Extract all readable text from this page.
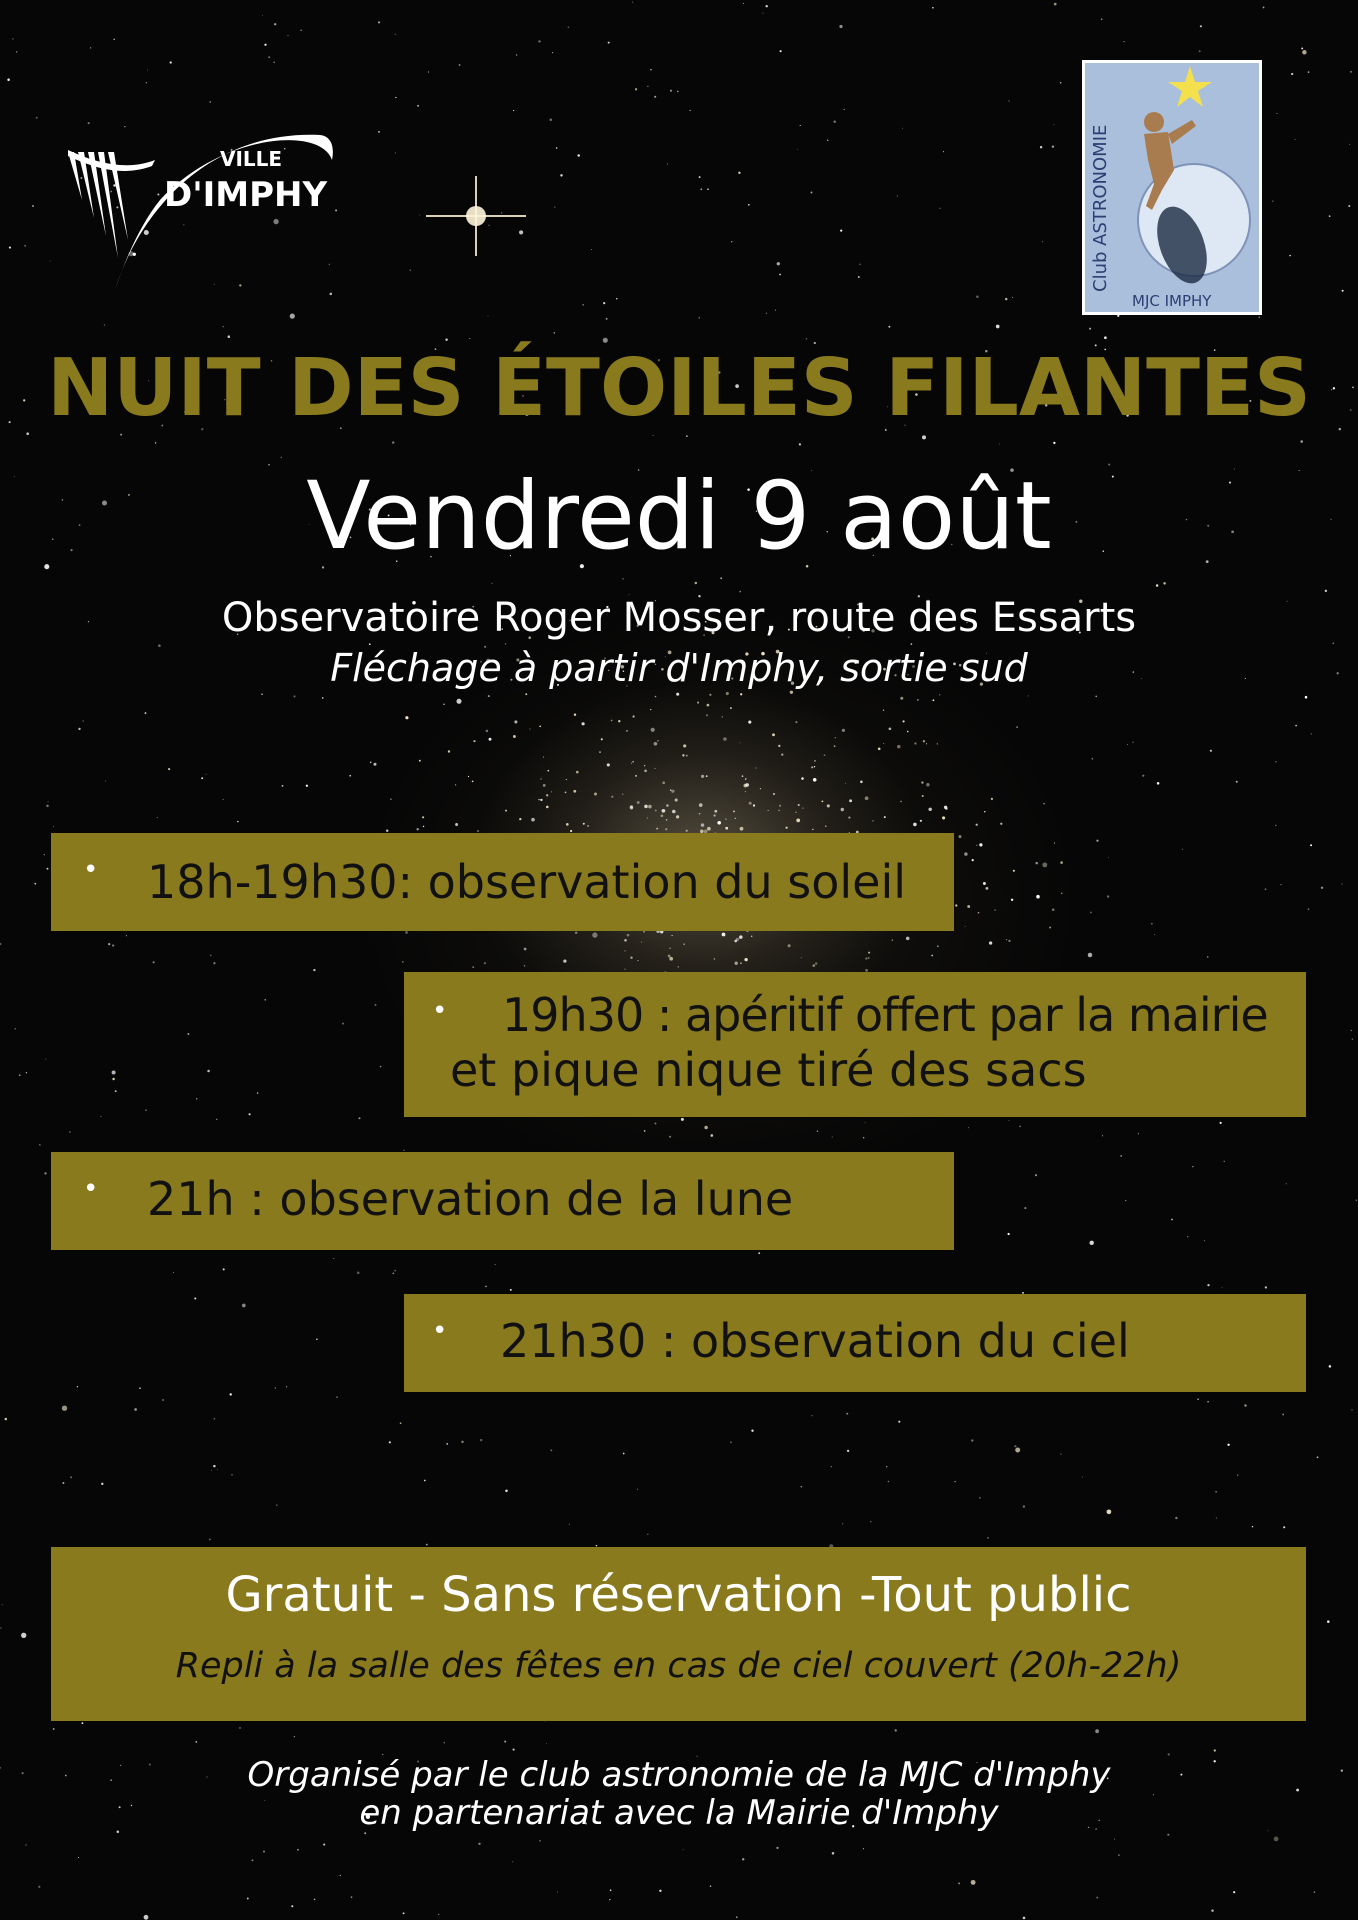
VILLE
D'IMPHY	Club ASTRONOMIE
MJC IMPHY
NUIT DES ÉTOILES FILANTES
Vendredi 9 août
Observatoire Roger Mosser, route des Essarts
Fléchage à partir d'Imphy, sortie sud
• 18h-19h30: observation du soleil
• 19h30 : apéritif offert par la mairie
et pique nique tiré des sacs
• 21h : observation de la lune
• 21h30 : observation du ciel
Gratuit - Sans réservation -Tout public
Repli à la salle des fêtes en cas de ciel couvert (20h-22h)
Organisé par le club astronomie de la MJC d'Imphy
en partenariat avec la Mairie d'Imphy
